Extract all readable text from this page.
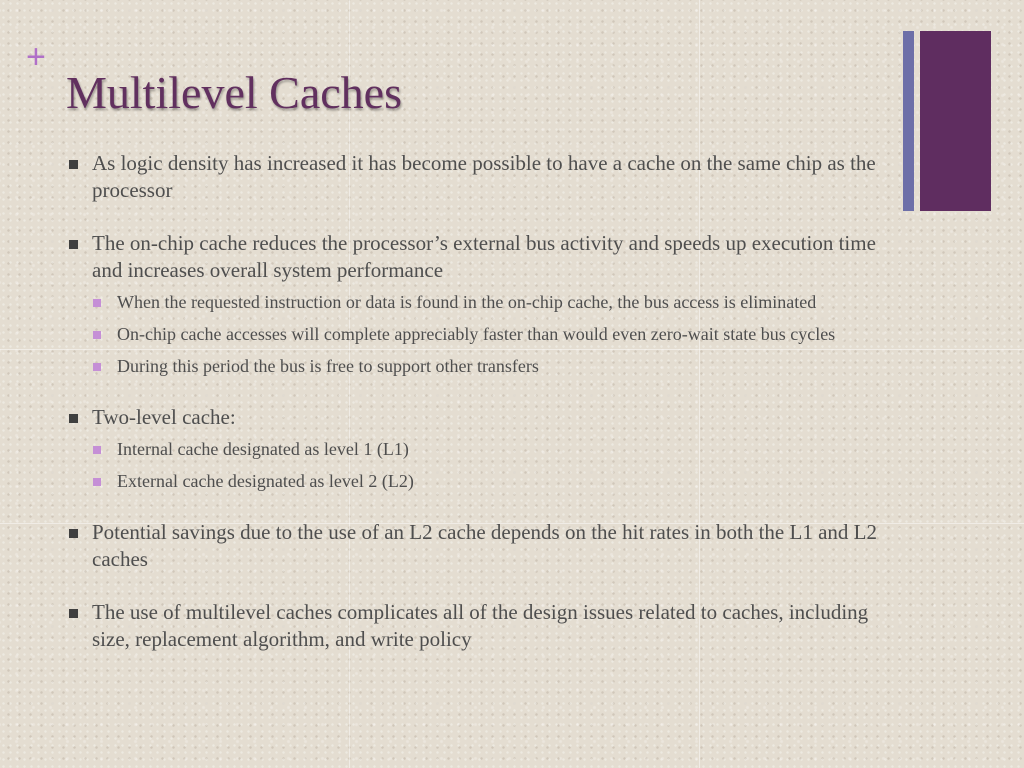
+
Multilevel Caches
As logic density has increased it has become possible to have a cache on the same chip as the processor
The on-chip cache reduces the processor’s external bus activity and speeds up execution time and increases overall system performance
When the requested instruction or data is found in the on-chip cache, the bus access is eliminated
On-chip cache accesses will complete appreciably faster than would even zero-wait state bus cycles
During this period the bus is free to support other transfers
Two-level cache:
Internal cache designated as level 1 (L1)
External cache designated as level 2 (L2)
Potential savings due to the use of an L2 cache depends on the hit rates in both the L1 and L2 caches
The use of multilevel caches complicates all of the design issues related to caches, including size, replacement algorithm, and write policy
